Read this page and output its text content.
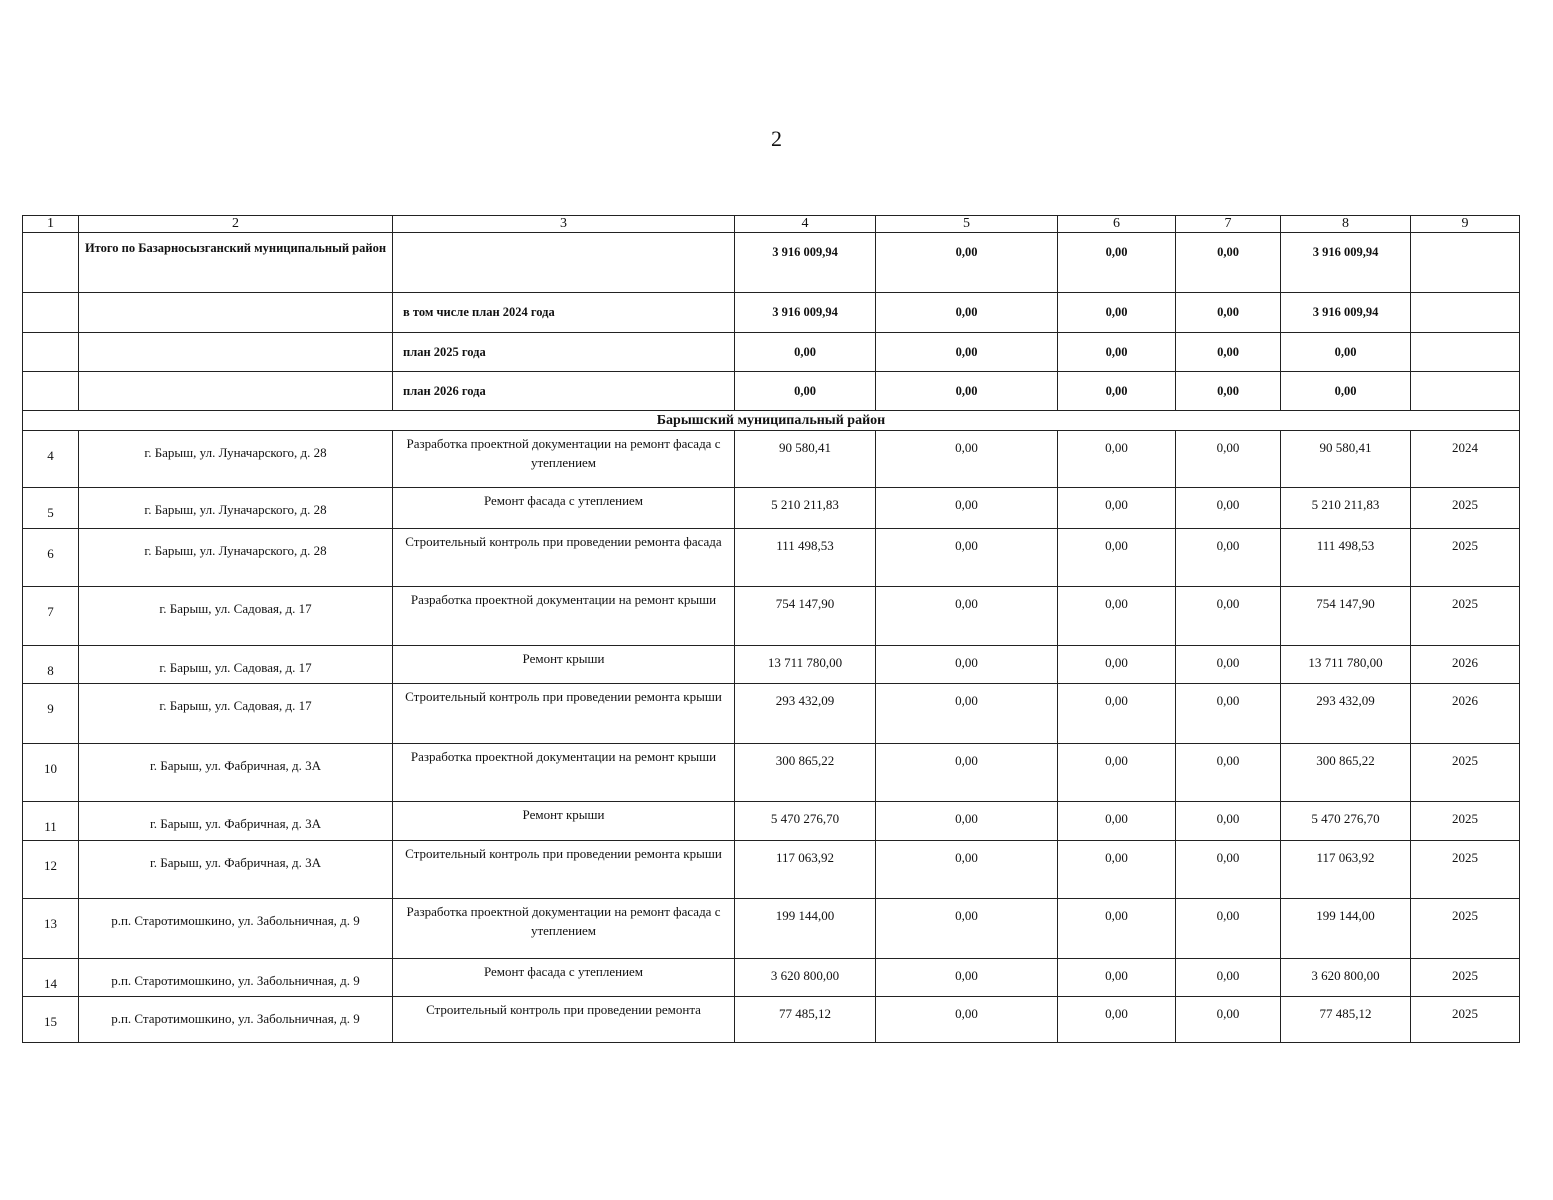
2
1	2	3	4	5	6	7	8	9
	Итого по Базарносызганский муниципальный район		3 916 009,94	0,00	0,00	0,00	3 916 009,94	
		в том числе план 2024 года	3 916 009,94	0,00	0,00	0,00	3 916 009,94	
		план 2025 года	0,00	0,00	0,00	0,00	0,00	
		план 2026 года	0,00	0,00	0,00	0,00	0,00	
Барышский муниципальный район								
4	г. Барыш, ул. Луначарского, д. 28	Разработка проектной документации на ремонт фасада с утеплением	90 580,41	0,00	0,00	0,00	90 580,41	2024
5	г. Барыш, ул. Луначарского, д. 28	Ремонт фасада с утеплением	5 210 211,83	0,00	0,00	0,00	5 210 211,83	2025
6	г. Барыш, ул. Луначарского, д. 28	Строительный контроль при проведении ремонта фасада	111 498,53	0,00	0,00	0,00	111 498,53	2025
7	г. Барыш, ул. Садовая, д. 17	Разработка проектной документации на ремонт крыши	754 147,90	0,00	0,00	0,00	754 147,90	2025
8	г. Барыш, ул. Садовая, д. 17	Ремонт крыши	13 711 780,00	0,00	0,00	0,00	13 711 780,00	2026
9	г. Барыш, ул. Садовая, д. 17	Строительный контроль при проведении ремонта крыши	293 432,09	0,00	0,00	0,00	293 432,09	2026
10	г. Барыш, ул. Фабричная, д. 3А	Разработка проектной документации на ремонт крыши	300 865,22	0,00	0,00	0,00	300 865,22	2025
11	г. Барыш, ул. Фабричная, д. 3А	Ремонт крыши	5 470 276,70	0,00	0,00	0,00	5 470 276,70	2025
12	г. Барыш, ул. Фабричная, д. 3А	Строительный контроль при проведении ремонта крыши	117 063,92	0,00	0,00	0,00	117 063,92	2025
13	р.п. Старотимошкино, ул. Забольничная, д. 9	Разработка проектной документации на ремонт фасада с утеплением	199 144,00	0,00	0,00	0,00	199 144,00	2025
14	р.п. Старотимошкино, ул. Забольничная, д. 9	Ремонт фасада с утеплением	3 620 800,00	0,00	0,00	0,00	3 620 800,00	2025
15	р.п. Старотимошкино, ул. Забольничная, д. 9	Строительный контроль при проведении ремонта	77 485,12	0,00	0,00	0,00	77 485,12	2025
